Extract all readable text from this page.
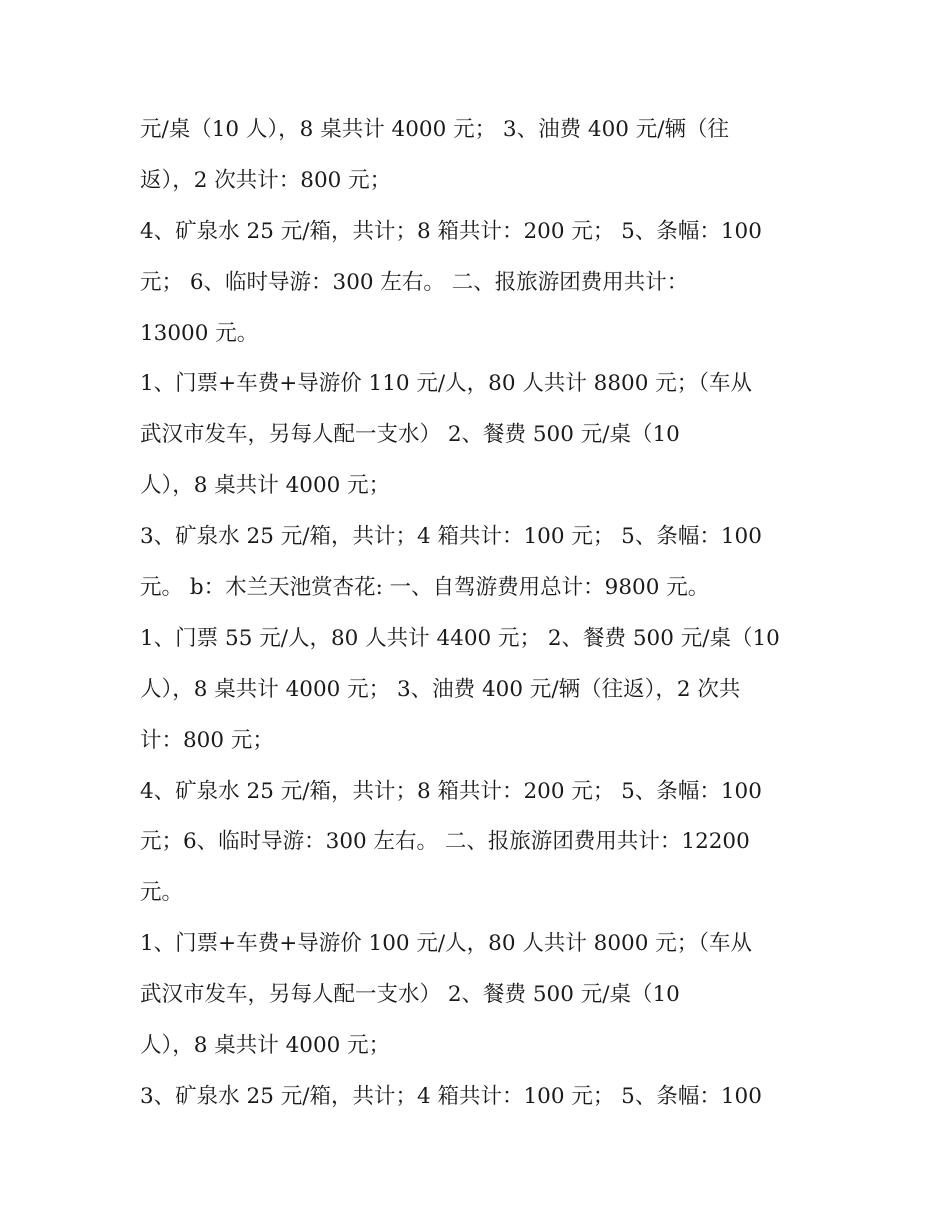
元/桌（10 人），8 桌共计 4000 元； 3、油费 400 元/辆（往
返），2 次共计：800 元；
4、矿泉水 25 元/箱，共计；8 箱共计：200 元； 5、条幅：100
元； 6、临时导游：300 左右。 二、报旅游团费用共计：
13000 元。
1、门票+车费+导游价 110 元/人，80 人共计 8800 元；（车从
武汉市发车，另每人配一支水） 2、餐费 500 元/桌（10
人），8 桌共计 4000 元；
3、矿泉水 25 元/箱，共计；4 箱共计：100 元； 5、条幅：100
元。 b：木兰天池赏杏花: 一、自驾游费用总计：9800 元。
1、门票 55 元/人，80 人共计 4400 元； 2、餐费 500 元/桌（10
人），8 桌共计 4000 元； 3、油费 400 元/辆（往返），2 次共
计：800 元；
4、矿泉水 25 元/箱，共计；8 箱共计：200 元； 5、条幅：100
元；6、临时导游：300 左右。 二、报旅游团费用共计：12200
元。
1、门票+车费+导游价 100 元/人，80 人共计 8000 元；（车从
武汉市发车，另每人配一支水） 2、餐费 500 元/桌（10
人），8 桌共计 4000 元；
3、矿泉水 25 元/箱，共计；4 箱共计：100 元； 5、条幅：100
